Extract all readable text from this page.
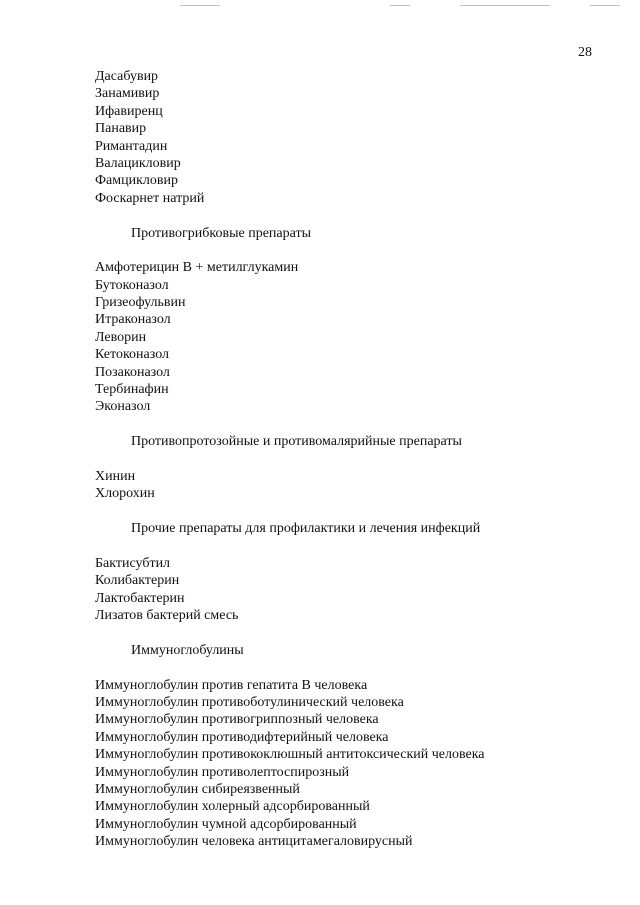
28
Дасабувир
Занамивир
Ифавиренц
Панавир
Римантадин
Валацикловир
Фамцикловир
Фоскарнет натрий
Противогрибковые препараты
Амфотерицин В + метилглукамин
Бутоконазол
Гризеофульвин
Итраконазол
Леворин
Кетоконазол
Позаконазол
Тербинафин
Эконазол
Противопротозойные и противомалярийные препараты
Хинин
Хлорохин
Прочие препараты для профилактики и лечения инфекций
Бактисубтил
Колибактерин
Лактобактерин
Лизатов бактерий смесь
Иммуноглобулины
Иммуноглобулин против гепатита В человека
Иммуноглобулин противоботулинический человека
Иммуноглобулин противогриппозный человека
Иммуноглобулин противодифтерийный человека
Иммуноглобулин противококлюшный антитоксический человека
Иммуноглобулин противолептоспирозный
Иммуноглобулин сибиреязвенный
Иммуноглобулин холерный адсорбированный
Иммуноглобулин чумной адсорбированный
Иммуноглобулин человека антицитамегаловирусный
